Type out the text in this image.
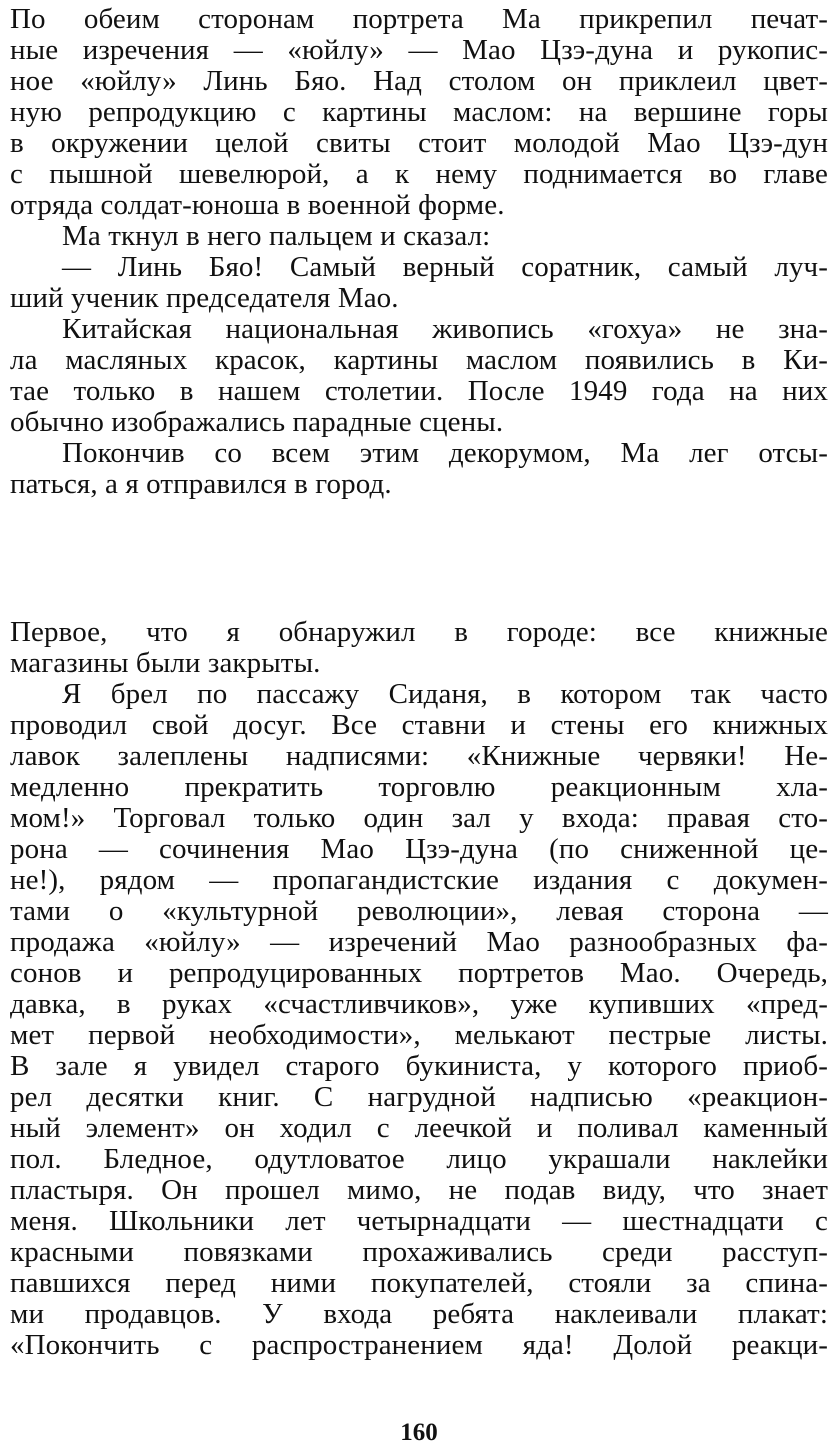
По обеим сторонам портрета Ма прикрепил печат-
ные изречения — «юйлу» — Мао Цзэ-дуна и рукопис-
ное «юйлу» Линь Бяо. Над столом он приклеил цвет-
ную репродукцию с картины маслом: на вершине горы
в окружении целой свиты стоит молодой Мао Цзэ-дун
с пышной шевелюрой, а к нему поднимается во главе
отряда солдат-юноша в военной форме.
Ма ткнул в него пальцем и сказал:
— Линь Бяо! Самый верный соратник, самый луч-
ший ученик председателя Мао.
Китайская национальная живопись «гохуа» не зна-
ла масляных красок, картины маслом появились в Ки-
тае только в нашем столетии. После 1949 года на них
обычно изображались парадные сцены.
Покончив со всем этим декорумом, Ма лег отсы-
паться, а я отправился в город.
Первое, что я обнаружил в городе: все книжные
магазины были закрыты.
Я брел по пассажу Сиданя, в котором так часто
проводил свой досуг. Все ставни и стены его книжных
лавок залеплены надписями: «Книжные червяки! Не-
медленно прекратить торговлю реакционным хла-
мом!» Торговал только один зал у входа: правая сто-
рона — сочинения Мао Цзэ-дуна (по сниженной це-
не!), рядом — пропагандистские издания с докумен-
тами о «культурной революции», левая сторона —
продажа «юйлу» — изречений Мао разнообразных фа-
сонов и репродуцированных портретов Мао. Очередь,
давка, в руках «счастливчиков», уже купивших «пред-
мет первой необходимости», мелькают пестрые листы.
В зале я увидел старого букиниста, у которого приоб-
рел десятки книг. С нагрудной надписью «реакцион-
ный элемент» он ходил с леечкой и поливал каменный
пол. Бледное, одутловатое лицо украшали наклейки
пластыря. Он прошел мимо, не подав виду, что знает
меня. Школьники лет четырнадцати — шестнадцати с
красными повязками прохаживались среди расступ-
павшихся перед ними покупателей, стояли за спина-
ми продавцов. У входа ребята наклеивали плакат:
«Покончить с распространением яда! Долой реакци-
160
